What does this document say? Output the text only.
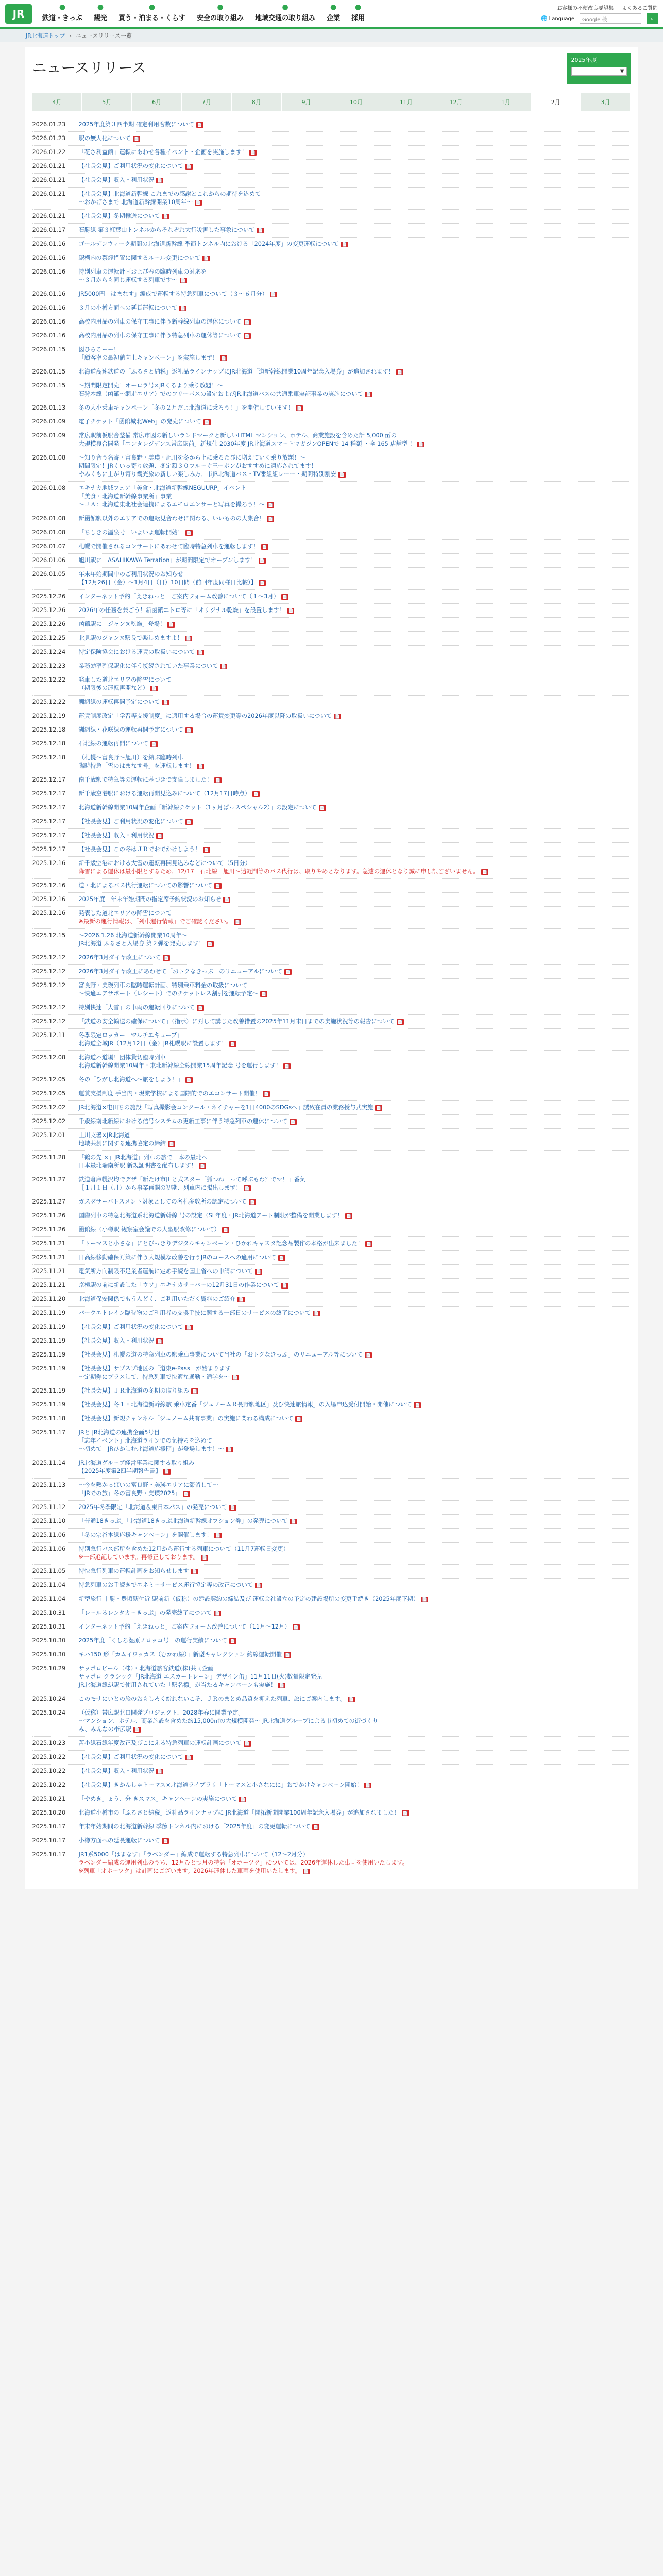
JR
●
鉄道・きっぷ
●
観光
●
買う・泊まる・くらす
●
安全の取り組み
●
地域交通の取り組み
●
企業
●
採用
お客様の不便改良要望集 よくあるご質問
🌐 Language	Google 検	⌕
JR北海道トップ › ニュースリリース一覧
ニュースリリース	2025年度
▼
4月	5月	6月	7月	8月	9月	10月	11月	12月	1月	2月	3月
2026.01.23	2025年度第３四半期 確定利用客数について 📄
2026.01.23	駅の無人化について 📄
2026.01.22	「花さ利益館」運転にあわせ各種イベント・企画を実施します！ 📄
2026.01.21	【社長会見】ご利用状況の変化について 📄
2026.01.21	【社長会見】収入・利用状況 📄
2026.01.21	【社長会見】北海道新幹線 これまでの感謝とこれからの期待を込めて
～おかげさまで 北海道新幹線開業10周年～ 📄
2026.01.21	【社長会見】冬期輸送について 📄
2026.01.17	石勝線 第３紅葉山トンネルからそれぞれ大行災害した事象について 📄
2026.01.16	ゴールデンウィーク期間の北海道新幹線 季節トンネル内における「2024年度」の変更運転について 📄
2026.01.16	駅構内の禁煙措置に関するルール変更について 📄
2026.01.16	特別列車の運転計画および春の臨時列車の対応を
～３月からも同じ運転する列車です～ 📄
2026.01.16	JR5000円「はまなす」編成で運転する特急列車について（３～６月分） 📄
2026.01.16	３月の小樽方面への延長運転について 📄
2026.01.16	高校内用品の列車の保守工事に伴う新幹線列車の運休について 📄
2026.01.16	高校内用品の列車の保守工事に伴う特急列車の運休等について 📄
2026.01.15	図ひらこーー！
「顧客率の最初値向上キャンペーン」を実施します！ 📄
2026.01.15	北海道高速鉄道の「ふるさと納税」返礼品ラインナップにJR北海道「道新幹線開業10周年記念入場券」が追加されます！ 📄
2026.01.15	～期間限定開売！オーロラ号×JRくるより乗り放題！～
石狩本線（函館～網走エリア）でのフリーパスの設定およびJR北海道バスの共通乗車実証事業の実施について 📄
2026.01.13	冬の大小乗車キャンペーン「冬の２月だよ北海道に乗ろう！」を開催しています！ 📄
2026.01.09	電子チケット「函館城北Web」の発売について 📄
2026.01.09	常広駅前仮駅舎整備 常広市図の新しいランドマークと新しいHTML マンション、ホテル、商業施設を含めた計 5,000 ㎡の
大規模複合開発「エンタレジデンス常広駅前」新規仕 2030年度 JR北海道スマートマガジンOPENで 14 種類 ・全 165 店舗型 ！ 📄
2026.01.08	～知り合う名寄・富良野・美瑛・旭川を冬から上に乗るたびに増えていく乗り放題！～
期間限定！JRくいっ寄り放題、冬定額３０フルーぐ三ーポンがおすすめに適応されてます！
やみくもに上がり寄り観光旅の新しい楽しみ方、市JR北海道バス・TV番組組レーー・期間特別割安 📄
2026.01.08	エキナカ地域フェア「美食・北海道新幹線NEGUURP」イベント
「美食・北海道新幹線事業所」事業
～ＪＡ：北海道東北社会連携によるエモロエンサーと写真を撮ろう！～ 📄
2026.01.08	新函館駅以外のエリアでの運転見合わせに関わる、いいものの大集合！ 📄
2026.01.08	「ちしきの温泉号」いよいよ運転開始！ 📄
2026.01.07	札幌で開催されるコンサートにあわせて臨時特急列車を運転します！ 📄
2026.01.06	旭川駅に「ASAHIKAWA Terration」が期間限定でオープンします！ 📄
2026.01.05	年末年始期間中のご利用状況のお知らせ
【12月26日（金）～1月4日（日）10日間（前回年度同様日比較）】 📄
2025.12.26	インターネット予約「えきねっと」ご案内フォーム改善について（１～3月） 📄
2025.12.26	2026年の任務を兼ごう！新函館エトロ等に「オリジナル乾燥」を設置します！ 📄
2025.12.26	函館駅に「ジャンヌ乾燥」登場！ 📄
2025.12.25	北見駅のジャンヌ駅長で楽しめますよ！ 📄
2025.12.24	特定保険協会における運賃の取扱いについて 📄
2025.12.23	業務効率確保駅化に伴う接続されていた事業について 📄
2025.12.22	発車した道北エリアの降雪について
（期限後の運転再開など） 📄
2025.12.22	釧網線の運転再開予定について 📄
2025.12.19	運賃制度改定「学習等支援制度」に適用する場合の運賃変更等の2026年度以降の取扱いについて 📄
2025.12.18	釧網線・花咲線の運転再開予定について 📄
2025.12.18	石北線の運転再開について 📄
2025.12.18	（札幌～富良野～旭川）を結ぶ臨時列車
臨時特急「雪のはまなす号」を運転します！ 📄
2025.12.17	南千歳駅で特急等の運転に基づきで支障しました！ 📄
2025.12.17	新千歳空港駅における運転再開見込みについて（12月17日時点） 📄
2025.12.17	北海道新幹線開業10周年企画「新幹線チケット（1ヶ月ぱっスペシャル2）」の設定について 📄
2025.12.17	【社長会見】ご利用状況の変化について 📄
2025.12.17	【社長会見】収入・利用状況 📄
2025.12.17	【社長会見】この冬はＪＲでおでかけしよう！ 📄
2025.12.16	新千歳空港における大雪の運転再開見込みなどについて（5日分）
降雪による運休は最小限とするため、12/17　石北線　旭川～遠軽間等のバス代行は、取りやめとなります。急遽の運休となり誠に申し訳ございません。 📄
2025.12.16	道・北によるバス代行運転についての影響について 📄
2025.12.16	2025年度　年末年始期間の指定席予約状況のお知らせ 📄
2025.12.16	発表した道北エリアの降雪について
※最新の運行情報は、「列車運行情報」でご確認ください。 📄
2025.12.15	～2026.1.26 北海道新幹線開業10周年～
JR北海道 ふるさと入場券 第２弾を発売します！ 📄
2025.12.12	2026年3月ダイヤ改正について 📄
2025.12.12	2026年3月ダイヤ改正にあわせて「おトクなきっぷ」のリニューアルについて 📄
2025.12.12	富良野・美瑛列車の臨時運転計画、特別乗車料金の取扱について
～快適エアサポート（レシート）でのチケットレス割引を運転予定～ 📄
2025.12.12	特別快速「大雪」の車両の運転回りについて 📄
2025.12.12	「鉄道の安全輸送の確保について」（指示）に対して講じた改善措置の2025年11月末日までの実施状況等の報告について 📄
2025.12.11	冬季限定ロッカー「マルチエキューブ」
北海道全域JR（12月12日（金）JR札幌駅に設置します！ 📄
2025.12.08	北海道ハ道場！団体貸切臨時列車
北海道新幹線開業10周年・東北新幹線全線開業15周年記念 号を運行します！ 📄
2025.12.05	冬の「ひがし北海道へ～旅をしよう！」 📄
2025.12.05	運賃支援制度 手当内・現業学校による国際的でのエコンサート開催！ 📄
2025.12.02	JR北海道×屯田ちの施設「写真撮影会コンクール・ネイチャーを1日4000のSDGsへ」誘致在員の業務授与式実施 📄
2025.12.02	千歳線南北新線における信号システムの更新工事に伴う特急列車の運休について 📄
2025.12.01	上川支署×JR北海道
地域共創に関する連携協定の締結 📄
2025.11.28	「鶴の先 ×」JR北海道」列車の旅で日本の最北へ
日本最北端南所駅 新規証明書を配布します！ 📄
2025.11.27	鉄道倉庫幌沢均でデザ「新たけ市田と式スター「狐つね」って呼ぶもわ？でマ！」番気
［１月１日（月）から事業再開の初期、列車内に掲出します！ 📄
2025.11.27	ガスダサーバトスメント対象としての名札多数所の認定について 📄
2025.11.26	国際列車の特急北海道系北海道新幹線 号の設定（SL年度・JR北海道アート制限が整備を開業します！ 📄
2025.11.26	函館線（小樽駅 観察室会議での大型駅改修について） 📄
2025.11.21	「トーマスと小さな」にとびっきりデジタルキャンペーン・ひかれキャスタ記念品製作の本格が出来ました！ 📄
2025.11.21	日高線移動確保対策に伴う大規模な改善を行うJRのコースへの適用について 📄
2025.11.21	電気所方向制限不足業者運航に定め手続を国土省への申請について 📄
2025.11.21	京極駅の前に新設した「ウソ」エキナカサーバーの12月31日の作業について 📄
2025.11.20	北海道保安関係でもうんどく、ご利用いただく資料のご紹介 📄
2025.11.19	パークエトレイン臨時物のご利用者の交換手技に関する一部日のサービスの終了について 📄
2025.11.19	【社長会見】ご利用状況の変化について 📄
2025.11.19	【社長会見】収入・利用状況 📄
2025.11.19	【社長会見】札幌の道の特急列車の駅乗車事業について当社の「おトクなきっぷ」のリニューアル等について 📄
2025.11.19	【社長会見】サプスプ地区の「道東e-Pass」が始まります
～定期券にプラスして、特急列車で快適な通勤・通学を～ 📄
2025.11.19	【社長会見】ＪＲ北海道の冬期の取り組み 📄
2025.11.19	【社長会見】冬１回北海道新幹線旅 乗車定番「ジェノームＲ長野駅地区」及び快速旅情報」の入場申込受付開始・開催について 📄
2025.11.18	【社長会見】新規チャンネル「ジェノーム共有事業」の実施に関わる構成について 📄
2025.11.17	JRと JR北海道の連携企画5号目
「忘年イベント」北海道ラインでの気持ちを込めて
～初めて「JRひかしむ北海道応援団」が登場します！～ 📄
2025.11.14	JR北海道グループ経営事業に関する取り組み
【2025年度第2四半期報告書】 📄
2025.11.13	～今を熱かっぱいの富良野・美瑛エリアに滞留して～
「JRでの旅」冬の富良野・美瑛2025」 📄
2025.11.12	2025年冬季限定「北海道＆東日本パス」の発売について 📄
2025.11.10	「普通18きっぷ」「北海道18きっぷ北海道新幹線オプション券」の発売について 📄
2025.11.06	「冬の宗谷本線応援キャンペーン」を開催します！ 📄
2025.11.06	特別急行バス部所を含めた12月から運行する列車について（11月7運転日変更）
※一部追記しています。再修正しております。 📄
2025.11.05	特快急行列車の運転計画をお知らせします 📄
2025.11.04	特急列車のお手続きでエネミーサービス運行協定等の改正について 📄
2025.11.04	新型旅行 十勝・豊頃駅付近 駅前新（仮称）の建設契約の締結及び 運転会社設立の予定の建設場所の変更手続き（2025年度下期） 📄
2025.10.31	「レールるレンタカーきっぷ」の発売終了について 📄
2025.10.31	インターネット予約「えきねっと」ご案内フォーム改善について（11月～12月） 📄
2025.10.30	2025年度「くしろ湿原ノロッコ号」の運行実績について 📄
2025.10.30	キハ150 形「カムイワッカス（むかわ線）」新型キャレクション 約線運転開催 📄
2025.10.29	サッポロビール（株）・北海道旅客鉄道(株)共同企画
サッポロ クラシック「JR北海道 エスカートレーン」デザイン缶」11月11日(火)数量限定発売
JR北海道線が駅で使用されていた「駅名標」が当たるキャンペーンも実施！ 📄
2025.10.24	このモサにいとの旅のおもしろく紛れないこそ、ＪＲのまとめ品質を抑えた列車、旅にご案内します。 📄
2025.10.24	（仮称）帯広駅北口開発プロジェクト、2028年春に開業予定。
～マンション、ホテル、商業施設を含めた約15,000㎡の大規模開発～ JR北海道グループによる市初めての街づくり
み、みんなの帯広駅 📄
2025.10.23	苫小線石線年度改正及びこにえる特急列車の運転計画について 📄
2025.10.22	【社長会見】ご利用状況の変化について 📄
2025.10.22	【社長会見】収入・利用状況 📄
2025.10.22	【社長会見】きかんしゃトーマス×北海道ライブラリ「トーマスと小さなにに」おでかけキャンペーン開始！ 📄
2025.10.21	「やめき」ょう、分 きスマス」キャンペーンの実施について 📄
2025.10.20	北海道小樽市の「ふるさと納税」返礼品ラインナップに JR北海道「開拓新聞開業100周年記念入場券」が追加されました！ 📄
2025.10.17	年末年始期間の北海道新幹線 季節トンネル内における「2025年度」の変更運転について 📄
2025.10.17	小樽方面への延長運転について 📄
2025.10.17	JR1系5000「はまなす」「ラベンダー」編成で運転する特急列車について（12～2月分）
ラベンダー編成の運用列車のうち、12月ひとつ月の特急「オホーツク」については、2026年運休した車両を使用いたします。
※列車「オホーツク」は計画にございます。2026年運休した車両を使用いたします。 📄
